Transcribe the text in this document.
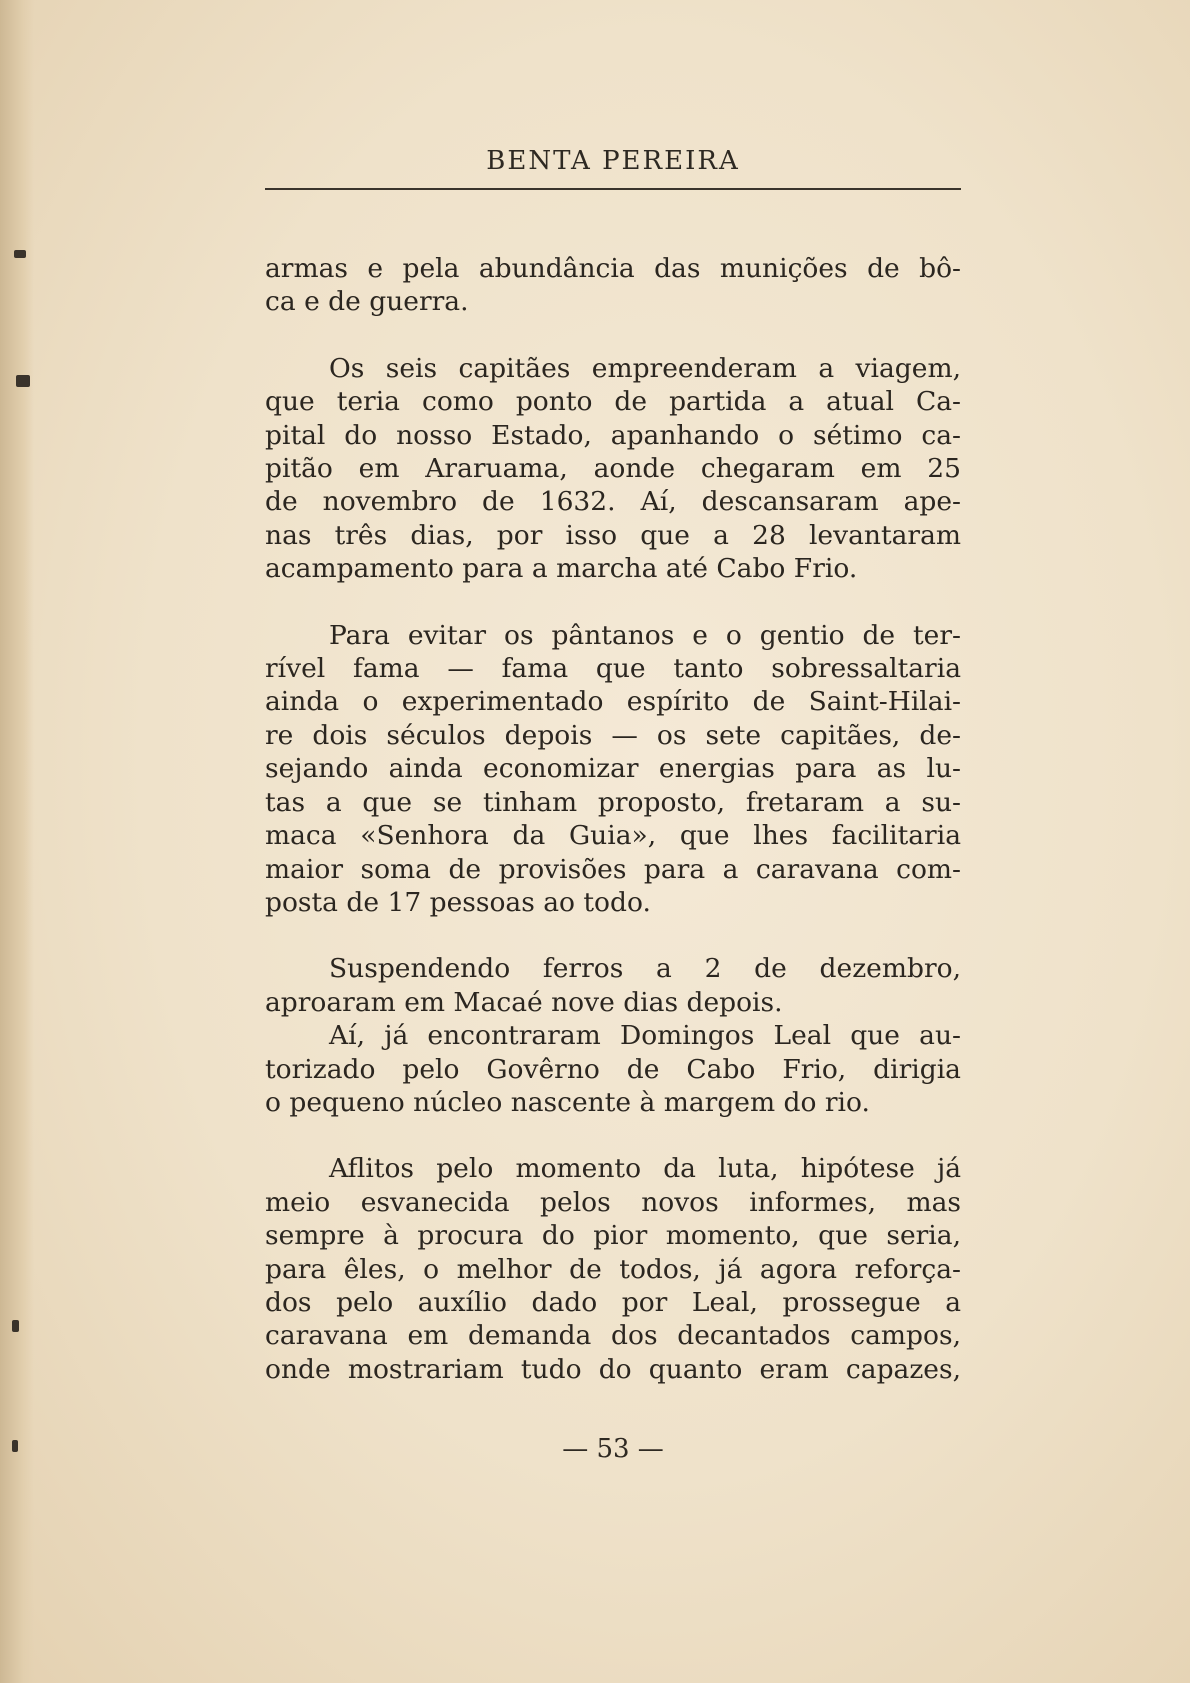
BENTA PEREIRA

armas e pela abundância das munições de bô-
ca e de guerra.

Os seis capitães empreenderam a viagem,
que teria como ponto de partida a atual Ca-
pital do nosso Estado, apanhando o sétimo ca-
pitão em Araruama, aonde chegaram em 25
de novembro de 1632. Aí, descansaram ape-
nas três dias, por isso que a 28 levantaram
acampamento para a marcha até Cabo Frio.

Para evitar os pântanos e o gentio de ter-
rível fama — fama que tanto sobressaltaria
ainda o experimentado espírito de Saint-Hilai-
re dois séculos depois — os sete capitães, de-
sejando ainda economizar energias para as lu-
tas a que se tinham proposto, fretaram a su-
maca «Senhora da Guia», que lhes facilitaria
maior soma de provisões para a caravana com-
posta de 17 pessoas ao todo.

Suspendendo ferros a 2 de dezembro,
aproaram em Macaé nove dias depois.

Aí, já encontraram Domingos Leal que au-
torizado pelo Govêrno de Cabo Frio, dirigia
o pequeno núcleo nascente à margem do rio.

Aflitos pelo momento da luta, hipótese já
meio esvanecida pelos novos informes, mas
sempre à procura do pior momento, que seria,
para êles, o melhor de todos, já agora reforça-
dos pelo auxílio dado por Leal, prossegue a
caravana em demanda dos decantados campos,
onde mostrariam tudo do quanto eram capazes,

— 53 —
